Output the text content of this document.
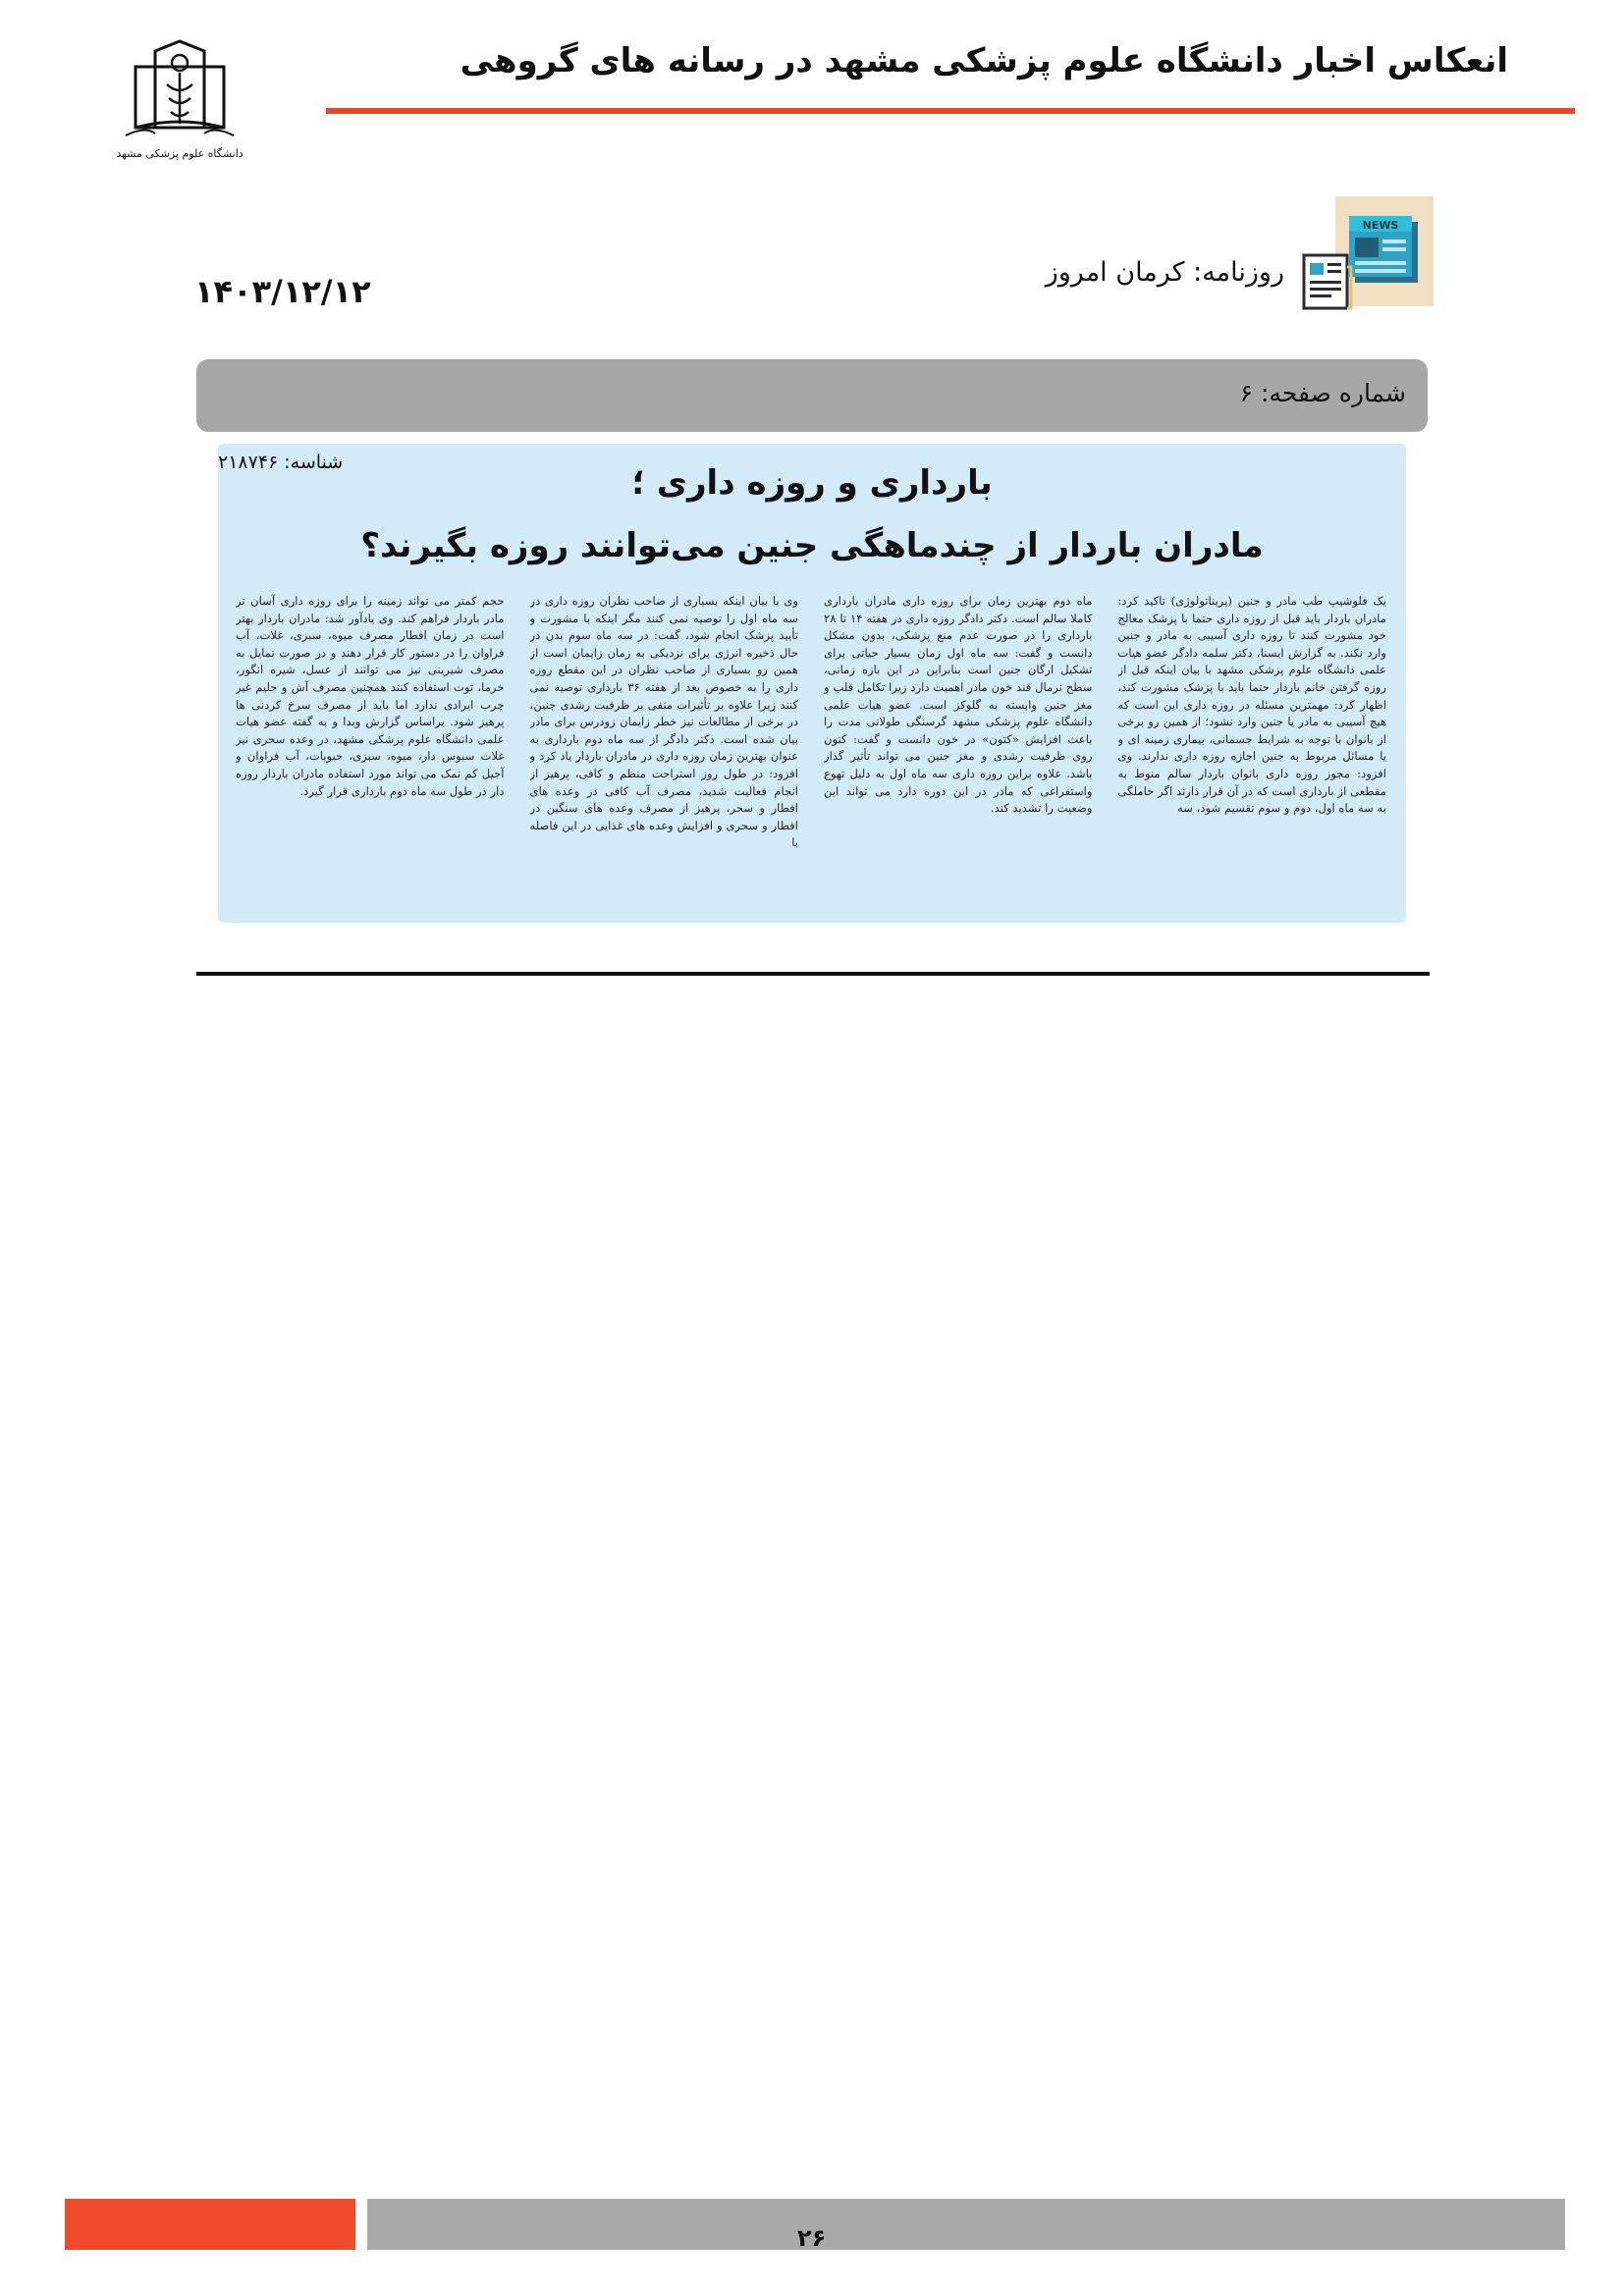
انعکاس اخبار دانشگاه علوم پزشکی مشهد در رسانه های گروهی
دانشگاه علوم پزشکی مشهد
NEWS
روزنامه: کرمان امروز
۱۴۰۳/۱۲/۱۲
شماره صفحه: ۶
شناسه: ۲۱۸۷۴۶
بارداری و روزه داری ؛
مادران باردار از چندماهگی جنین می‌توانند روزه بگیرند؟
یک فلوشیپ طب مادر و جنین (پریناتولوژی) تاکید کرد: مادران باردار باید قبل از روزه داری حتما با پزشک معالج خود مشورت کنند تا روزه داری آسیبی به مادر و جنین وارد نکند. به گزارش ایسنا، دکتر سلمه دادگر عضو هیات علمی دانشگاه علوم پزشکی مشهد با بیان اینکه قبل از روزه گرفتن خانم باردار حتما باید با پزشک مشورت کند، اظهار کرد: مهمترین مسئله در روزه داری این است که هیچ آسیبی به مادر یا جنین وارد نشود؛ از همین رو برخی از بانوان با توجه به شرایط جسمانی، بیماری زمینه ای و یا مسائل مربوط به جنین اجازه روزه داری ندارند. وی افزود: مجوز روزه داری بانوان باردار سالم منوط به مقطعی از بارداری است که در آن قرار دارند اگر حاملگی به سه ماه اول، دوم و سوم تقسیم شود، سه
ماه دوم بهترین زمان برای روزه داری مادران بارداری کاملا سالم است. دکتر دادگر روزه داری در هفته ۱۴ تا ۲۸ بارداری را در صورت عدم منع پزشکی، بدون مشکل دانست و گفت: سه ماه اول زمان بسیار حیاتی برای تشکیل ارگان جنین است بنابراین در این بازه زمانی، سطح نرمال قند خون مادر اهمیت دارد زیرا تکامل قلب و مغز جنین وابسته به گلوکز است. عضو هیات علمی دانشگاه علوم پزشکی مشهد گرسنگی طولانی مدت را باعث افزایش «کتون» در خون دانست و گفت: کتون روی ظرفیت رشدی و مغز جنین می تواند تأثیر گذار باشد. علاوه براین روزه داری سه ماه اول به دلیل تهوع واستفراغی که مادر در این دوره دارد می تواند این وضعیت را تشدید کند.
وی با بیان اینکه بسیاری از صاحب نظران روزه داری در سه ماه اول را توصیه نمی کنند مگر اینکه با مشورت و تأیید پزشک انجام شود، گفت: در سه ماه سوم بدن در حال ذخیره انرژی برای نزدیکی به زمان زایمان است از همین رو بسیاری از صاحب نظران در این مقطع روزه داری را به خصوص بعد از هفته ۳۶ بارداری توصیه نمی کنند زیرا علاوه بر تأثیرات منفی بر ظرفیت رشدی جنین، در برخی از مطالعات نیز خطر زایمان زودرس برای مادر بیان شده است. دکتر دادگر از سه ماه دوم بارداری به عنوان بهترین زمان روزه داری در مادران باردار یاد کرد و افزود: در طول روز استراحت منظم و کافی، پرهیز از انجام فعالیت شدید، مصرف آب کافی در وعده های افطار و سحر، پرهیز از مصرف وعده های سنگین در افطار و سحری و افزایش وعده های غذایی در این فاصله با
حجم کمتر می تواند زمینه را برای روزه داری آسان تر مادر باردار فراهم کند. وی یادآور شد: مادران باردار بهتر است در زمان افطار مصرف میوه، سبزی، غلات، آب فراوان را در دستور کار قرار دهند و در صورت تمایل به مصرف شیرینی نیز می توانند از عسل، شیره انگور، خرما، توت استفاده کنند همچنین مصرف آش و حلیم غیر چرب ایرادی ندارد اما باید از مصرف سرخ کردنی ها پرهیز شود. براساس گزارش وبدا و به گفته عضو هیات علمی دانشگاه علوم پزشکی مشهد، در وعده سحری نیز غلات سبوس دار، میوه، سبزی، حبوبات، آب فراوان و آجیل کم نمک می تواند مورد استفاده مادران باردار روزه دار در طول سه ماه دوم بارداری قرار گیرد.
۲۶
